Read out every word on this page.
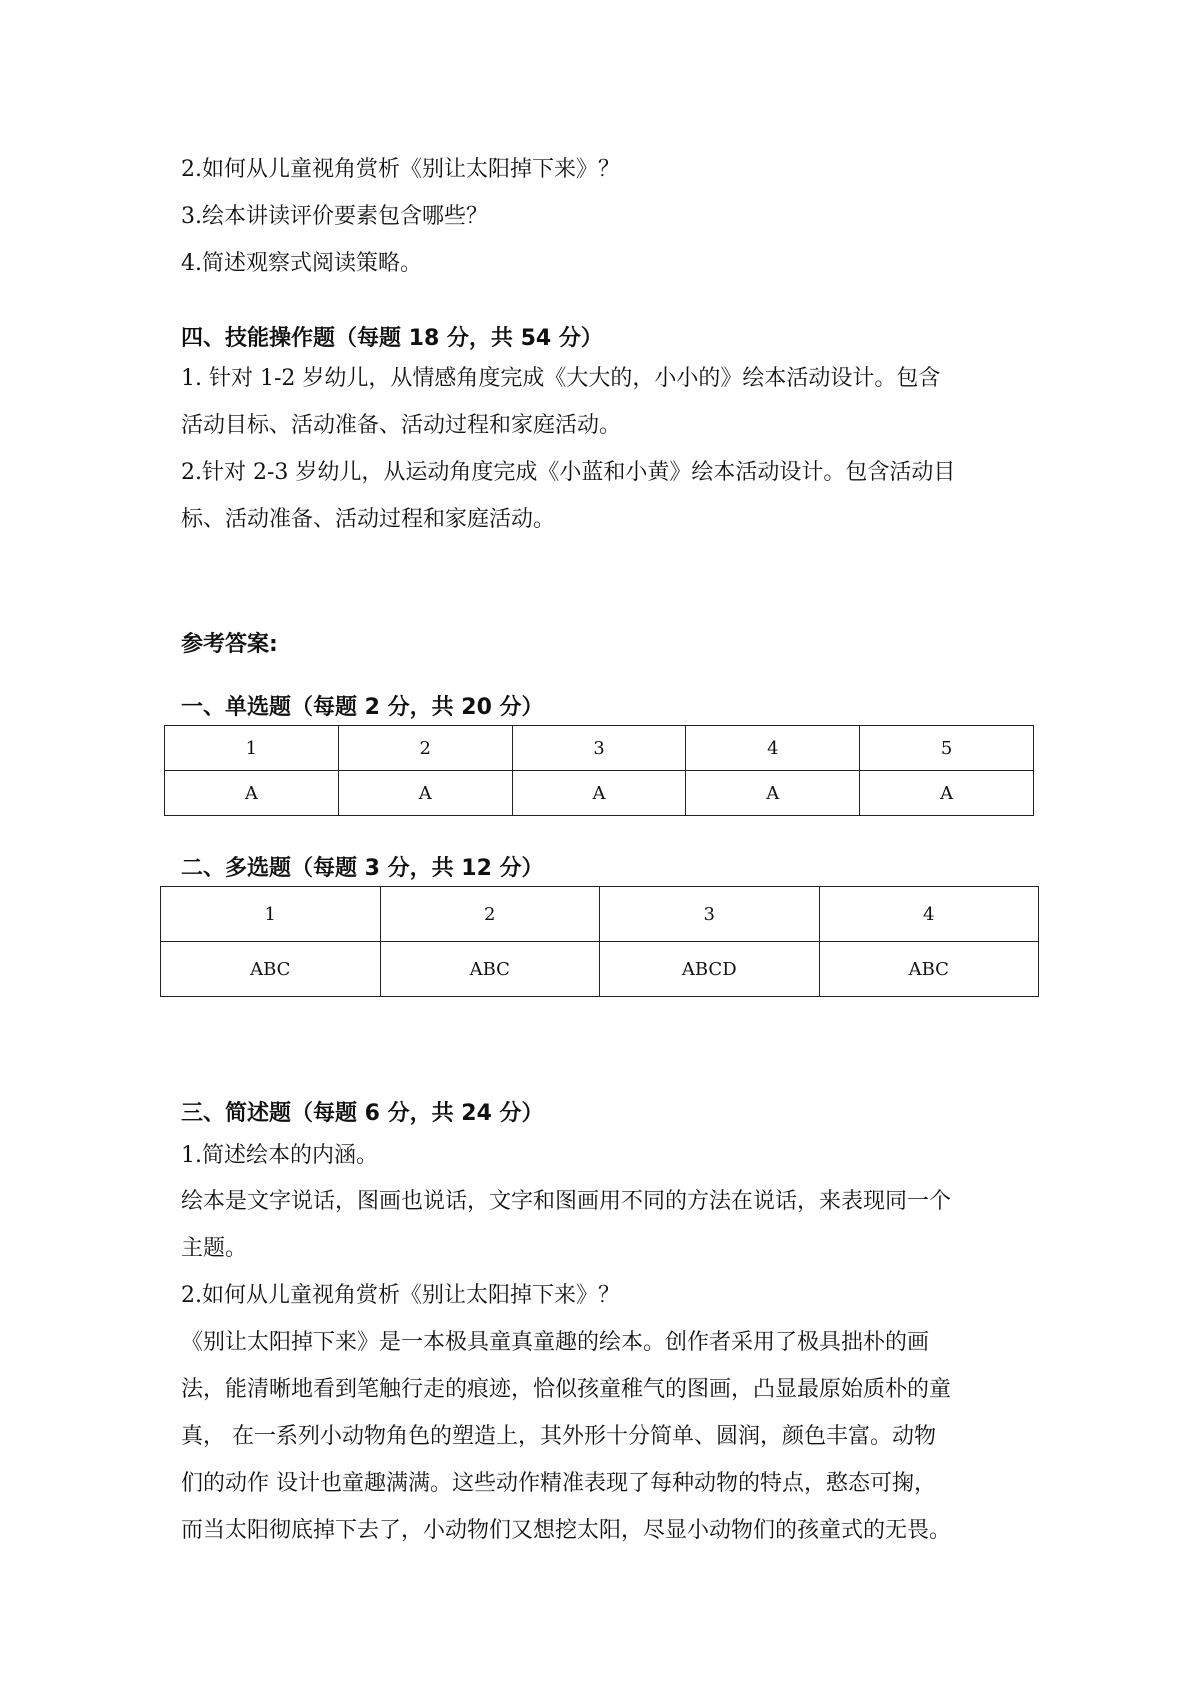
2.如何从儿童视角赏析《别让太阳掉下来》？
3.绘本讲读评价要素包含哪些？
4.简述观察式阅读策略。
四、技能操作题（每题 18 分，共 54 分）
1. 针对 1-2 岁幼儿，从情感角度完成《大大的，小小的》绘本活动设计。包含
活动目标、活动准备、活动过程和家庭活动。
2.针对 2-3 岁幼儿，从运动角度完成《小蓝和小黄》绘本活动设计。包含活动目
标、活动准备、活动过程和家庭活动。
参考答案:
一、单选题（每题 2 分，共 20 分）
1	2	3	4	5
A	A	A	A	A
二、多选题（每题 3 分，共 12 分）
1	2	3	4
ABC	ABC	ABCD	ABC
三、简述题（每题 6 分，共 24 分）
1.简述绘本的内涵。
绘本是文字说话，图画也说话，文字和图画用不同的方法在说话，来表现同一个
主题。
2.如何从儿童视角赏析《别让太阳掉下来》？
《别让太阳掉下来》是一本极具童真童趣的绘本。创作者采用了极具拙朴的画
法，能清晰地看到笔触行走的痕迹，恰似孩童稚气的图画，凸显最原始质朴的童
真， 在一系列小动物角色的塑造上，其外形十分简单、圆润，颜色丰富。动物
们的动作 设计也童趣满满。这些动作精准表现了每种动物的特点，憨态可掬，
而当太阳彻底掉下去了，小动物们又想挖太阳，尽显小动物们的孩童式的无畏。
